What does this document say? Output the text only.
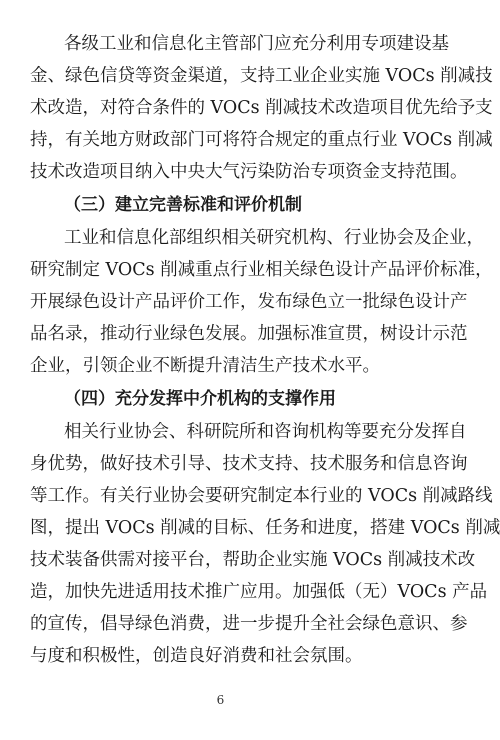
各级工业和信息化主管部门应充分利用专项建设基
金、绿色信贷等资金渠道，支持工业企业实施 VOCs 削减技
术改造，对符合条件的 VOCs 削减技术改造项目优先给予支
持，有关地方财政部门可将符合规定的重点行业 VOCs 削减
技术改造项目纳入中央大气污染防治专项资金支持范围。
（三）建立完善标准和评价机制
工业和信息化部组织相关研究机构、行业协会及企业，
研究制定 VOCs 削减重点行业相关绿色设计产品评价标准，
开展绿色设计产品评价工作，发布绿色立一批绿色设计产
品名录，推动行业绿色发展。加强标准宣贯，树设计示范
企业，引领企业不断提升清洁生产技术水平。
（四）充分发挥中介机构的支撑作用
相关行业协会、科研院所和咨询机构等要充分发挥自
身优势，做好技术引导、技术支持、技术服务和信息咨询
等工作。有关行业协会要研究制定本行业的 VOCs 削减路线
图，提出 VOCs 削减的目标、任务和进度，搭建 VOCs 削减
技术装备供需对接平台，帮助企业实施 VOCs 削减技术改
造，加快先进适用技术推广应用。加强低（无）VOCs 产品
的宣传，倡导绿色消费，进一步提升全社会绿色意识、参
与度和积极性，创造良好消费和社会氛围。
6
